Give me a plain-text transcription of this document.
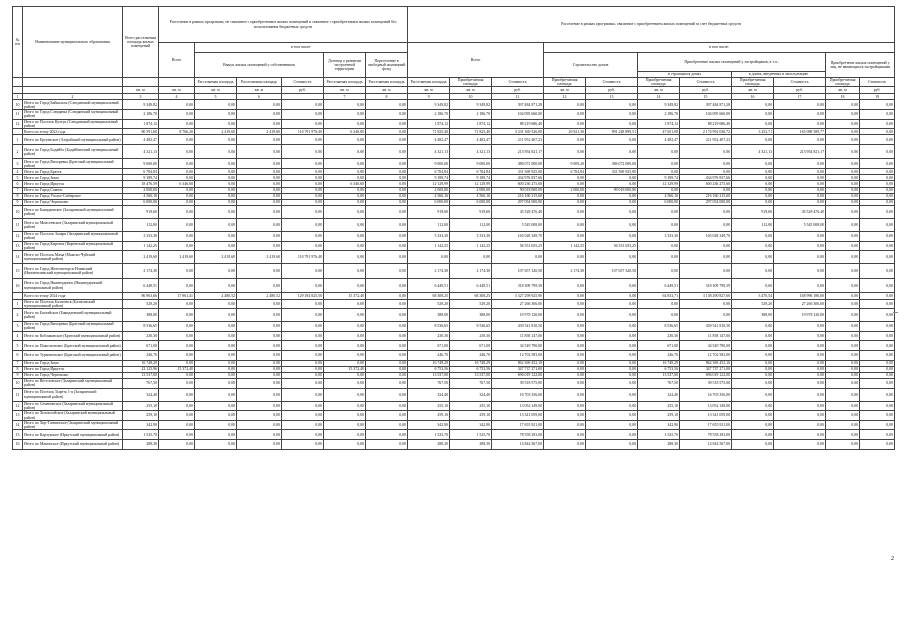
№ п/п	Наименование муниципального образования	Всего расселяемая площадь жилых помещений	Расселение в рамках программы, не связанное с приобретением жилых помещений и связанное с приобретением жилых помещений без использования бюджетных средств						Расселение в рамках программы, связанное с приобретением жилых помещений за счет бюджетных средств										
			Всего	в том числе:					Всего			в том числе:							
				Выкуп жилых помещений у собственников			Договор о развитии застроенной территории	Переселение в свободный жилищный фонд				Строительство домов		Приобретение жилых помещений у застройщиков, в т.ч.:				Приобретение жилых помещений у лиц, не являющихся застройщиками	
														в строящихся домах		в домах, введенных в эксплуатацию			
				Расселяемая площадь	Расселяемая площадь	Стоимость	Расселяемая площадь	Расселяемая площадь	Расселяемая площадь	Приобретаемая площадь	Стоимость	Приобретаемая площадь	Стоимость	Приобретаемая площадь	Стоимость	Приобретаемая площадь	Стоимость	Приобретаемая площадь	Стоимость
		кв. м	кв. м	кв. м	кв. м	руб.	кв. м	кв. м	кв. м	кв. м	руб.	кв. м	руб.	кв. м	руб.	кв. м	руб.	кв. м	руб.
1	2	3	4	5	6		7	8	9	10	11	12	13	14	15	16	17	18	19
10	Итого по Город Байкальск (Слюдянский муниципальный район)	9 349,82	0,00	0,00	0,00	0,00	0,00	0,00	9 349,82	9 349,82	397 484 871,28	0,00	0,00	9 349,82	397 484 871,28	0,00	0,00	0,00	0,00
11	Итого по Город Слюдянка (Слюдянский муниципальный район)	2 186,70	0,00	0,00	0,00	0,00	0,00	0,00	2 186,70	2 186,70	104 095 660,00	0,00	0,00	2 186,70	104 095 660,00	0,00	0,00	0,00	0,00
12	Итого по Поселок Култук (Слюдянский муниципальный район)	1 874,12	0,00	0,00	0,00	0,00	0,00	0,00	1 874,12	1 874,12	88 219 686,40	0,00	0,00	1 874,12	88 219 686,40	0,00	0,00	0,00	0,00
	Всего по этапу 2023 года	80 591,60	8 766,20	2 419,60	2 419,60	110 791 976,40	6 346,60	0,00	71 825,40	71 825,40	3 331 369 526,00	20 921,30	991 248 899,51	47 651,08	2 174 992 030,72	3 252,71	165 088 589,77	0,00	0,00
1	Итого по Ертуевское (Азаройский муниципальный район)	4 482,47	0,00	0,00	0,00	0,00	0,00	0,00	4 482,47	4 482,47	211 952 407,23	0,00	0,00	4 482,47	211 952 407,23	0,00	0,00	0,00	0,00
2	Итого по Город Бодайбо (Бодайбинский муниципальный район)	4 321,13	0,00	0,00	0,00	0,00	0,00	0,00	4 321,13	4 321,13	213 954 821,17	0,00	0,00	0,00	0,00	4 321,13	213 954 821,17	0,00	0,00
3	Итого по Город Вихоревка (Братский муниципальный район)	9 000,00	0,00	0,00	0,00	0,00	0,00	0,00	9 000,00	9 000,00	386 072 000,00	9 009,20	386 072 000,00	0,00	0,00	0,00	0,00	0,00	0,00
4	Итого по Город Братск	6 704,84	0,00	0,00	0,00	0,00	0,00	0,00	6 704,84	6 704,84	331 569 925,00	6 704,84	331 569 925,00	0,00	0,00	0,00	0,00	0,00	0,00
5	Итого по Город Зима	9 189,74	0,00	0,00	0,00	0,00	0,00	0,00	9 189,74	9 189,74	434 976 837,66	0,00	0,00	9 189,74	434 976 837,66	0,00	0,00	0,00	0,00
6	Итого по Город Иркутск	18 476,59	6 346,60	0,00	0,00	0,00	6 346,60	0,00	12 129,99	12 129,99	600 236 275,60	0,00	0,00	12 129,99	600 236 275,60	0,00	0,00	0,00	0,00
7	Итого по Город Саянск	2 000,00	0,00	0,00	0,00	0,00	0,00	0,00	2 000,00	2 000,00	99 018 000,00	2 000,00	99 018 000,00	0,00	0,00	0,00	0,00	0,00	0,00
8	Итого по Город Усолье-Сибирское	4 566,16	0,00	0,00	0,00	0,00	0,00	0,00	4 566,16	4 566,16	216 160 215,60	0,00	0,00	4 566,16	216 160 215,60	0,00	0,00	0,00	0,00
9	Итого по Город Черемхово	6 000,00	0,00	0,00	0,00	0,00	0,00	0,00	6 000,00	6 000,00	297 054 000,00	0,00	0,00	6 000,00	297 054 000,00	0,00	0,00	0,00	0,00
10	Итого по Баяндаевское (Заларинский муниципальный район)	919,60	0,00	0,00	0,00	0,00	0,00	0,00	919,60	919,60	45 528 476,40	0,00	0,00	0,00	0,00	919,60	45 528 476,40	0,00	0,00
11	Итого по Моисеевское (Заларинский муниципальный район)	112,00	0,00	0,00	0,00	0,00	0,00	0,00	112,00	112,00	5 545 008,00	0,00	0,00	0,00	0,00	112,00	5 545 008,00	0,00	0,00
12	Итого по Поселок Залари (Заларинский муниципальный район)	3 333,30	0,00	0,00	0,00	0,00	0,00	0,00	3 333,30	3 333,30	165 028 349,70	0,00	0,00	3 333,30	165 028 349,70	0,00	0,00	0,00	0,00
13	Итого по Город Киренск (Киренский муниципальный район)	1 142,25	0,00	0,00	0,00	0,00	0,00	0,00	1 142,25	1 142,25	56 551 655,25	1 142,25	56 551 655,25	0,00	0,00	0,00	0,00	0,00	0,00
14	Итого по Поселок Мама (Мамско-Чуйский муниципальный район)	2 419,60	2 419,60	2 419,60	2 419,60	110 791 976,40	0,00	0,00	0,00	0,00	0,00	0,00	0,00	0,00	0,00	0,00	0,00	0,00	0,00
15	Итого по Город Железногорск-Илимский (Нижнеилимский муниципальный район)	2 174,30	0,00	0,00	0,00	0,00	0,00	0,00	2 174,30	2 174,30	107 657 320,50	2 174,30	107 657 320,50	0,00	0,00	0,00	0,00	0,00	0,00
16	Итого по Город Нижнеудинск (Нижнеудинский муниципальный район)	6 449,51	0,00	0,00	0,00	0,00	0,00	0,00	6 449,51	6 449,51	318 309 799,39	0,00	0,00	6 449,51	318 309 799,39	0,00	0,00	0,00	0,00
	Всего по этапу 2024 года	86 963,66	17 961,41	2 480,52	2 480,52	129 184 825,50	15 372,40	0,00	68 308,25	68 308,25	3 327 298 925,90	0,00	0,00	64 833,71	3 158 290 827,60	3 470,54	168 996 186,00	0,00	0,00
1	Итого по Поселок Балаганск (Балаганский муниципальный район)	529,20	0,00	0,00	0,00	0,00	0,00	0,00	529,20	529,20	27 266 306,00	0,00	0,00	0,00	0,00	529,20	27 266 306,00	0,00	0,00
2	Итого по Бахтайское (Баяндаевский муниципальный район)	388,00	0,00	0,00	0,00	0,00	0,00	0,00	388,00	388,00	19 978 120,00	0,00	0,00	0,00	0,00	388,00	19 978 120,00	0,00	0,00
3	Итого по Город Вихоревка (Братский муниципальный район)	8 536,65	0,00	0,00	0,00	0,00	0,00	0,00	8 536,65	8 536,65	439 541 810,50	0,00	0,00	8 536,65	439 541 810,50	0,00	0,00	0,00	0,00
4	Итого по Кобляковское (Братский муниципальный район)	230,30	0,00	0,00	0,00	0,00	0,00	0,00	230,30	230,30	11 858 147,00	0,00	0,00	230,30	11 858 147,00	0,00	0,00	0,00	0,00
5	Итого по Покосновское (Братский муниципальный район)	671,00	0,00	0,00	0,00	0,00	0,00	0,00	671,00	671,00	34 549 790,00	0,00	0,00	671,00	34 549 790,00	0,00	0,00	0,00	0,00
6	Итого по Турмановское (Братский муниципальный район)	246,70	0,00	0,00	0,00	0,00	0,00	0,00	246,70	246,70	12 702 583,00	0,00	0,00	246,70	12 702 583,00	0,00	0,00	0,00	0,00
7	Итого по Город Зима	16 748,29	0,00	0,00	0,00	0,00	0,00	0,00	16 748,29	16 748,29	862 369 452,10	0,00	0,00	16 748,29	862 369 452,10	0,00	0,00	0,00	0,00
8	Итого по Город Иркутск	22 125,96	15 372,40	0,00	0,00	0,00	15 372,40	0,00	6 753,56	6 753,56	347 737 271,00	0,00	0,00	6 753,56	347 737 271,00	0,00	0,00	0,00	0,00
9	Итого по Город Черемхово	13 537,00	0,00	0,00	0,00	0,00	0,00	0,00	13 537,00	13 537,00	696 019 122,00	0,00	0,00	13 537,00	696 019 122,00	0,00	0,00	0,00	0,00
10	Итого по Веселовское (Заларинский муниципальный район)	767,50	0,00	0,00	0,00	0,00	0,00	0,00	767,50	767,50	39 518 575,00	0,00	0,00	767,50	39 518 575,00	0,00	0,00	0,00	0,00
11	Итого по Поселок Тыреть 1-я (Заларинский муниципальный район)	324,40	0,00	0,00	0,00	0,00	0,00	0,00	324,40	324,40	16 703 356,00	0,00	0,00	324,40	16 703 356,00	0,00	0,00	0,00	0,00
12	Итого по Семеновское (Заларинский муниципальный район)	255,10	0,00	0,00	0,00	0,00	0,00	0,00	255,10	255,10	13 052 149,00	0,00	0,00	255,10	13 052 149,00	0,00	0,00	0,00	0,00
13	Итого по Холмогойское (Заларинский муниципальный район)	259,10	0,00	0,00	0,00	0,00	0,00	0,00	259,10	259,10	13 341 059,00	0,00	0,00	259,10	13 341 059,00	0,00	0,00	0,00	0,00
14	Итого по Хор-Тагнинское (Заларинский муниципальный район)	342,90	0,00	0,00	0,00	0,00	0,00	0,00	342,90	342,90	17 655 921,00	0,00	0,00	342,90	17 655 921,00	0,00	0,00	0,00	0,00
15	Итого по Карлукское (Иркутский муниципальный район)	1 525,70	0,00	0,00	0,00	0,00	0,00	0,00	1 525,70	1 525,70	78 558 293,00	0,00	0,00	1 525,70	78 558 293,00	0,00	0,00	0,00	0,00
16	Итого по Мамонское (Иркутский муниципальный район)	288,30	0,00	0,00	0,00	0,00	0,00	0,00	288,30	288,30	14 844 567,00	0,00	0,00	288,30	14 844 567,00	0,00	0,00	0,00	0,00
2
